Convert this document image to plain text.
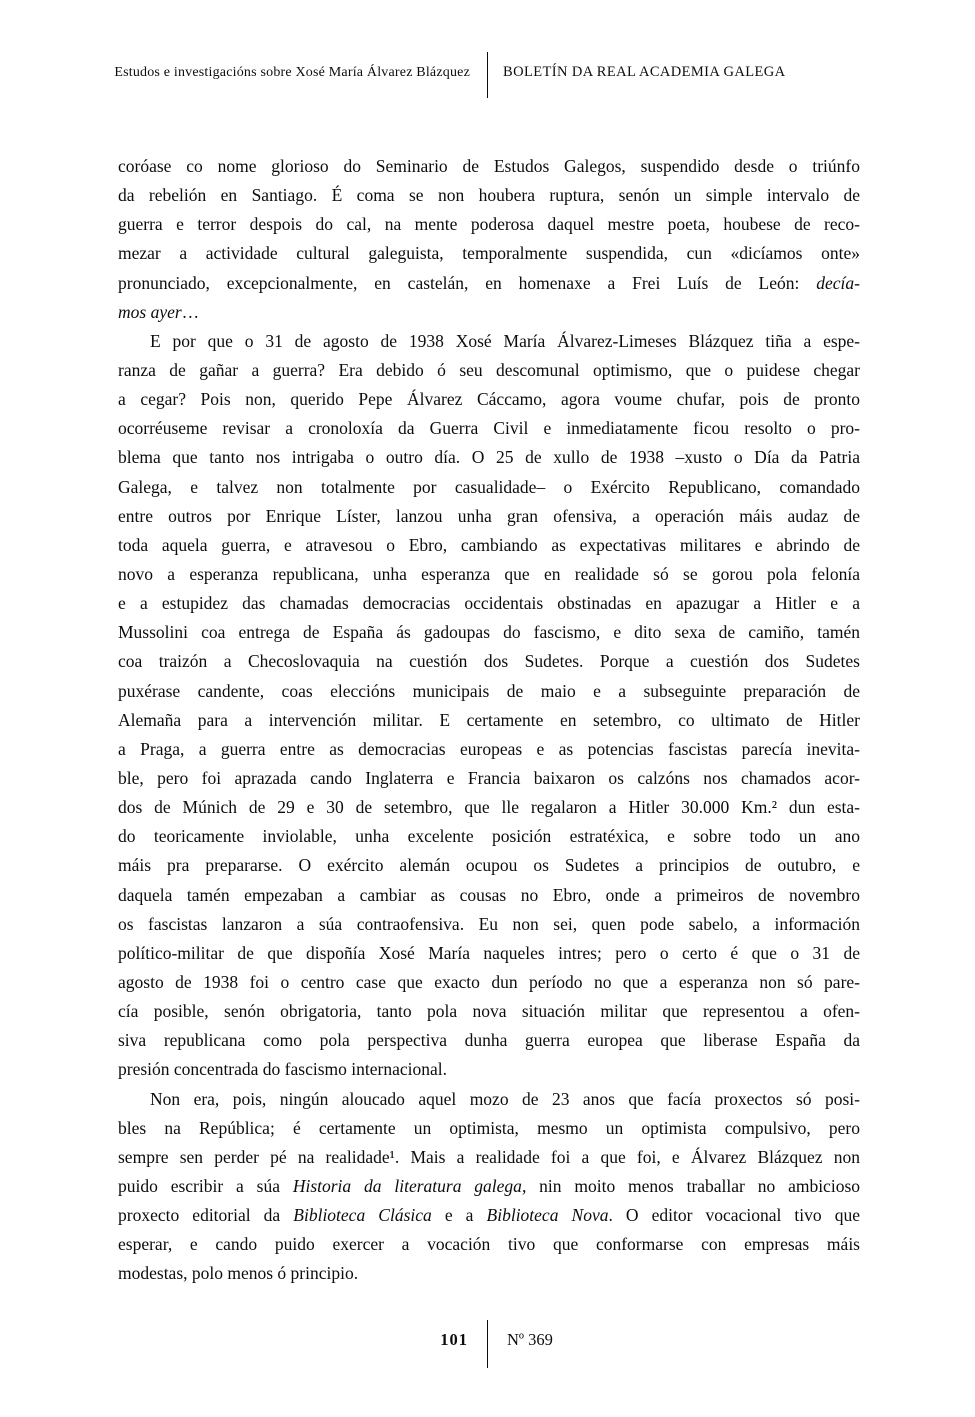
Estudos e investigacións sobre Xosé María Álvarez Blázquez BOLETÍN DA REAL ACADEMIA GALEGA
coróase co nome glorioso do Seminario de Estudos Galegos, suspendido desde o triúnfo
da rebelión en Santiago. É coma se non houbera ruptura, senón un simple intervalo de
guerra e terror despois do cal, na mente poderosa daquel mestre poeta, houbese de reco-
mezar a actividade cultural galeguista, temporalmente suspendida, cun «dicíamos onte»
pronunciado, excepcionalmente, en castelán, en homenaxe a Frei Luís de León: decía-
mos ayer…
E por que o 31 de agosto de 1938 Xosé María Álvarez-Limeses Blázquez tiña a espe-
ranza de gañar a guerra? Era debido ó seu descomunal optimismo, que o puidese chegar
a cegar? Pois non, querido Pepe Álvarez Cáccamo, agora voume chufar, pois de pronto
ocorréuseme revisar a cronoloxía da Guerra Civil e inmediatamente ficou resolto o pro-
blema que tanto nos intrigaba o outro día. O 25 de xullo de 1938 –xusto o Día da Patria
Galega, e talvez non totalmente por casualidade– o Exército Republicano, comandado
entre outros por Enrique Líster, lanzou unha gran ofensiva, a operación máis audaz de
toda aquela guerra, e atravesou o Ebro, cambiando as expectativas militares e abrindo de
novo a esperanza republicana, unha esperanza que en realidade só se gorou pola felonía
e a estupidez das chamadas democracias occidentais obstinadas en apazugar a Hitler e a
Mussolini coa entrega de España ás gadoupas do fascismo, e dito sexa de camiño, tamén
coa traizón a Checoslovaquia na cuestión dos Sudetes. Porque a cuestión dos Sudetes
puxérase candente, coas eleccións municipais de maio e a subseguinte preparación de
Alemaña para a intervención militar. E certamente en setembro, co ultimato de Hitler
a Praga, a guerra entre as democracias europeas e as potencias fascistas parecía inevita-
ble, pero foi aprazada cando Inglaterra e Francia baixaron os calzóns nos chamados acor-
dos de Múnich de 29 e 30 de setembro, que lle regalaron a Hitler 30.000 Km.² dun esta-
do teoricamente inviolable, unha excelente posición estratéxica, e sobre todo un ano
máis pra prepararse. O exército alemán ocupou os Sudetes a principios de outubro, e
daquela tamén empezaban a cambiar as cousas no Ebro, onde a primeiros de novembro
os fascistas lanzaron a súa contraofensiva. Eu non sei, quen pode sabelo, a información
político-militar de que dispoñía Xosé María naqueles intres; pero o certo é que o 31 de
agosto de 1938 foi o centro case que exacto dun período no que a esperanza non só pare-
cía posible, senón obrigatoria, tanto pola nova situación militar que representou a ofen-
siva republicana como pola perspectiva dunha guerra europea que liberase España da
presión concentrada do fascismo internacional.
Non era, pois, ningún aloucado aquel mozo de 23 anos que facía proxectos só posi-
bles na República; é certamente un optimista, mesmo un optimista compulsivo, pero
sempre sen perder pé na realidade¹. Mais a realidade foi a que foi, e Álvarez Blázquez non
puido escribir a súa Historia da literatura galega, nin moito menos traballar no ambicioso
proxecto editorial da Biblioteca Clásica e a Biblioteca Nova. O editor vocacional tivo que
esperar, e cando puido exercer a vocación tivo que conformarse con empresas máis
modestas, polo menos ó principio.
101 Nº 369
